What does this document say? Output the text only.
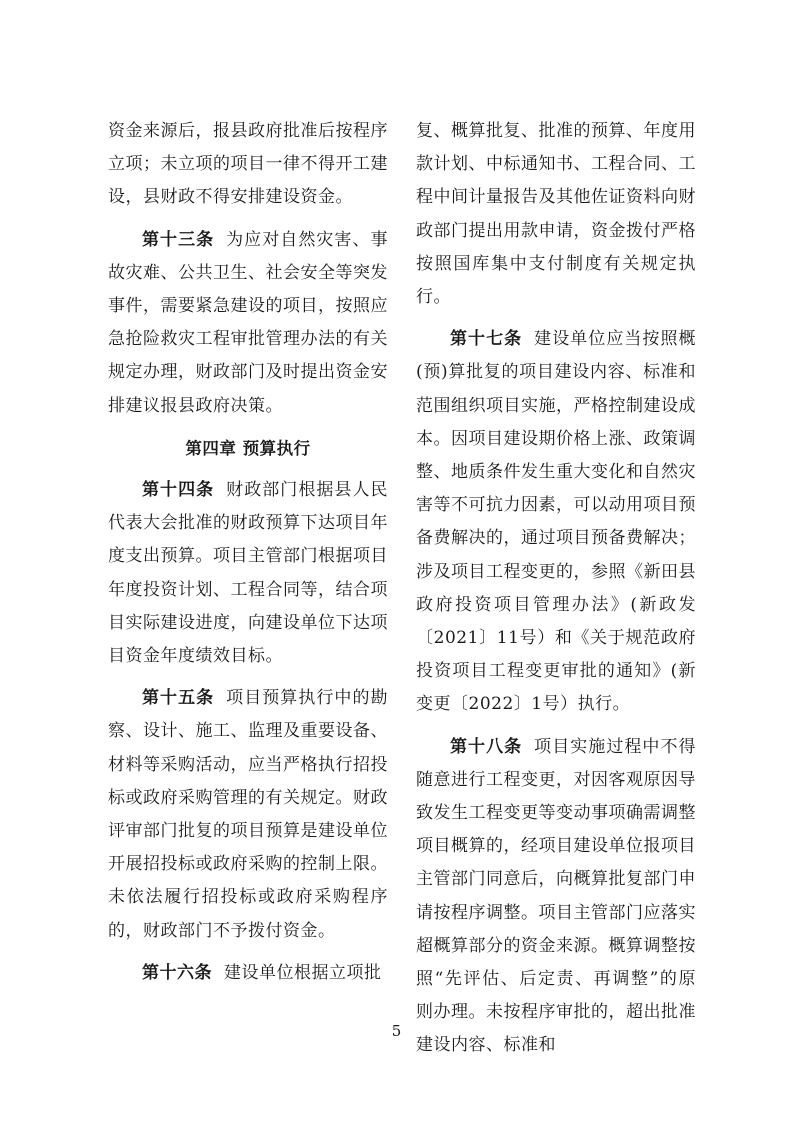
资金来源后，报县政府批准后按程序立项；未立项的项目一律不得开工建设，县财政不得安排建设资金。

第十三条 为应对自然灾害、事故灾难、公共卫生、社会安全等突发事件，需要紧急建设的项目，按照应急抢险救灾工程审批管理办法的有关规定办理，财政部门及时提出资金安排建议报县政府决策。

第四章 预算执行

第十四条 财政部门根据县人民代表大会批准的财政预算下达项目年度支出预算。项目主管部门根据项目年度投资计划、工程合同等，结合项目实际建设进度，向建设单位下达项目资金年度绩效目标。

第十五条 项目预算执行中的勘察、设计、施工、监理及重要设备、材料等采购活动，应当严格执行招投标或政府采购管理的有关规定。财政评审部门批复的项目预算是建设单位开展招投标或政府采购的控制上限。未依法履行招投标或政府采购程序的，财政部门不予拨付资金。

第十六条 建设单位根据立项批

复、概算批复、批准的预算、年度用款计划、中标通知书、工程合同、工程中间计量报告及其他佐证资料向财政部门提出用款申请，资金拨付严格按照国库集中支付制度有关规定执行。

第十七条 建设单位应当按照概(预)算批复的项目建设内容、标准和范围组织项目实施，严格控制建设成本。因项目建设期价格上涨、政策调整、地质条件发生重大变化和自然灾害等不可抗力因素，可以动用项目预备费解决的，通过项目预备费解决；涉及项目工程变更的，参照《新田县政府投资项目管理办法》(新政发〔2021〕11号）和《关于规范政府投资项目工程变更审批的通知》(新变更〔2022〕1号）执行。

第十八条 项目实施过程中不得随意进行工程变更，对因客观原因导致发生工程变更等变动事项确需调整项目概算的，经项目建设单位报项目主管部门同意后，向概算批复部门申请按程序调整。项目主管部门应落实超概算部分的资金来源。概算调整按照“先评估、后定责、再调整”的原则办理。未按程序审批的，超出批准建设内容、标准和

5
